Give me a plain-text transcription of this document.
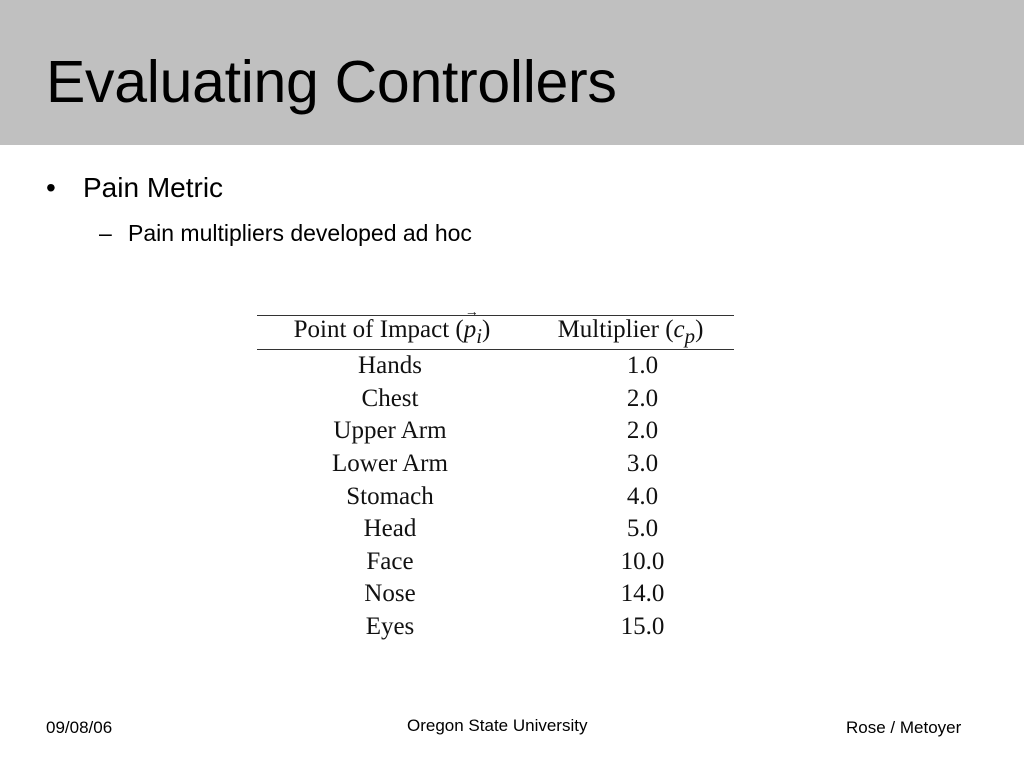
Evaluating Controllers
• Pain Metric
– Pain multipliers developed ad hoc
Point of Impact (p
→
$_i$)	Multiplier $(c_p)$
Hands	1.0
Chest	2.0
Upper Arm	2.0
Lower Arm	3.0
Stomach	4.0
Head	5.0
Face	10.0
Nose	14.0
Eyes	15.0
09/08/06	Oregon State University	Rose / Metoyer
